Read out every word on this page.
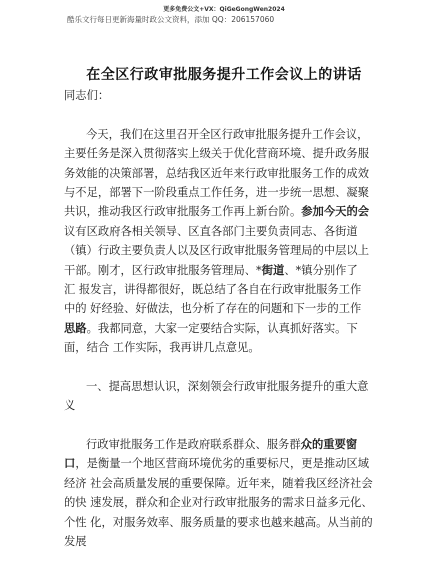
更多免费公文+VX：QiGeGongWen2024
酷乐文行每日更新海量时政公文资料，添加 QQ：206157060
在全区行政审批服务提升工作会议上的讲话
同志们：
今天，我们在这里召开全区行政审批服务提升工作会议，
主要任务是深入贯彻落实上级关于优化营商环境、提升政务服
务效能的决策部署，总结我区近年来行政审批服务工作的成效
与不足，部署下一阶段重点工作任务，进一步统一思想、凝聚
共识，推动我区行政审批服务工作再上新台阶。参加今天的会
议有区政府各相关领导、区直各部门主要负责同志、各街道
（镇）行政主要负责人以及区行政审批服务管理局的中层以上
干部。刚才，区行政审批服务管理局、*街道、*镇分别作了
汇 报发言，讲得都很好，既总结了各自在行政审批服务工作
中的 好经验、好做法，也分析了存在的问题和下一步的工作
思路。我都同意，大家一定要结合实际，认真抓好落实。下
面，结合 工作实际，我再讲几点意见。
一、提高思想认识，深刻领会行政审批服务提升的重大意
义
行政审批服务工作是政府联系群众、服务群众的重要窗
口，是衡量一个地区营商环境优劣的重要标尺，更是推动区域
经济 社会高质量发展的重要保障。近年来，随着我区经济社会
的快 速发展，群众和企业对行政审批服务的需求日益多元化、
个性 化，对服务效率、服务质量的要求也越来越高。从当前的
发展
